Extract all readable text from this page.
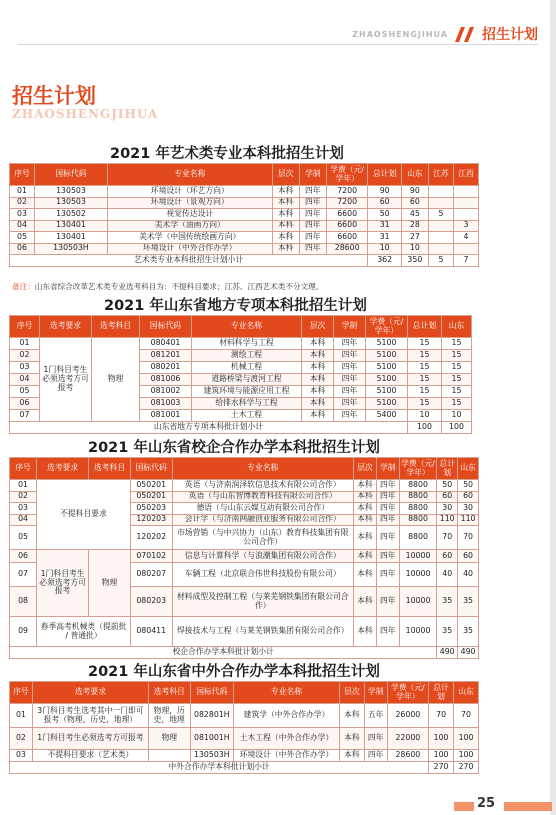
ZHAOSHENGJIHUA 招生计划
招生计划
ZHAOSHENGJIHUA
2021 年艺术类专业本科批招生计划
序号	国标代码	专业名称	层次	学制	学费（元/学年）	总计划	山东	江苏	江西
01	130503	环境设计（环艺方向）	本科	四年	7200	90	90		
02	130503	环境设计（景观方向）	本科	四年	7200	60	60		
03	130502	视觉传达设计	本科	四年	6600	50	45	5	
04	130401	美术学（油画方向）	本科	四年	6600	31	28		3
05	130401	美术学（中国传统绘画方向）	本科	四年	6600	31	27		4
06	130503H	环境设计（中外合作办学）	本科	四年	28600	10	10		
艺术类专业本科批招生计划小计						362	350	5	7
备注：山东省综合改革艺术类专业选考科目为：不提科目要求；江苏、江西艺术类不分文理。
2021 年山东省地方专项本科批招生计划
序号	选考要求	选考科目	国标代码	专业名称	层次	学制	学费（元/学年）	总计划	山东
01	1门科目考生必须选考方可报考	物理	080401	材料科学与工程	本科	四年	5100	15	15
02			081201	测绘工程	本科	四年	5100	15	15
03			080201	机械工程	本科	四年	5100	15	15
04			081006	道路桥梁与渡河工程	本科	四年	5100	15	15
05			081002	建筑环境与能源应用工程	本科	四年	5100	15	15
06			081003	给排水科学与工程	本科	四年	5100	15	15
07			081001	土木工程	本科	四年	5400	10	10
山东省地方专项本科批计划小计								100	100
2021 年山东省校企合作办学本科批招生计划
序号	选考要求	选考科目	国标代码	专业名称	层次	学制	学费（元/学年）	总计划	山东
01	不提科目要求		050201	英语（与济南润泽软信息技术有限公司合作）	本科	四年	8800	50	50
02			050201	英语（与山东智博教育科技有限公司合作）	本科	四年	8800	60	60
03			050203	德语（与山东云媒互动有限公司合作）	本科	四年	8800	30	30
04			120203	会计学（与济南网融创业服务有限公司合作）	本科	四年	8800	110	110
05			120202	市场营销（与中兴协力（山东）教育科技集团有限公司合作）	本科	四年	8800	70	70
06	1门科目考生必须选考方可报考	物理	070102	信息与计算科学（与浪潮集团有限公司合作）	本科	四年	10000	60	60
07			080207	车辆工程（北京联合伟世科技股份有限公司）	本科	四年	10000	40	40
08			080203	材料成型及控制工程（与莱芜钢铁集团有限公司合作）	本科	四年	10000	35	35
09	春季高考机械类（提前批 / 普通批）		080411	焊接技术与工程（与莱芜钢铁集团有限公司合作）	本科	四年	10000	35	35
校企合作办学本科批计划小计								490	490
2021 年山东省中外合作办学本科批招生计划
序号	选考要求	选考科目	国标代码	专业名称	层次	学制	学费（元/学年）	总计划	山东
01	3门科目考生选考其中一门即可报考（物理，历史，地理）	物理，历史，地理	082801H	建筑学（中外合作办学）	本科	五年	26000	70	70
02	1门科目考生必须选考方可报考	物理	081001H	土木工程（中外合作办学）	本科	四年	22000	100	100
03	不提科目要求（艺术类）		130503H	环境设计（中外合作办学）	本科	四年	28600	100	100
中外合作办学本科批计划小计								270	270
25
